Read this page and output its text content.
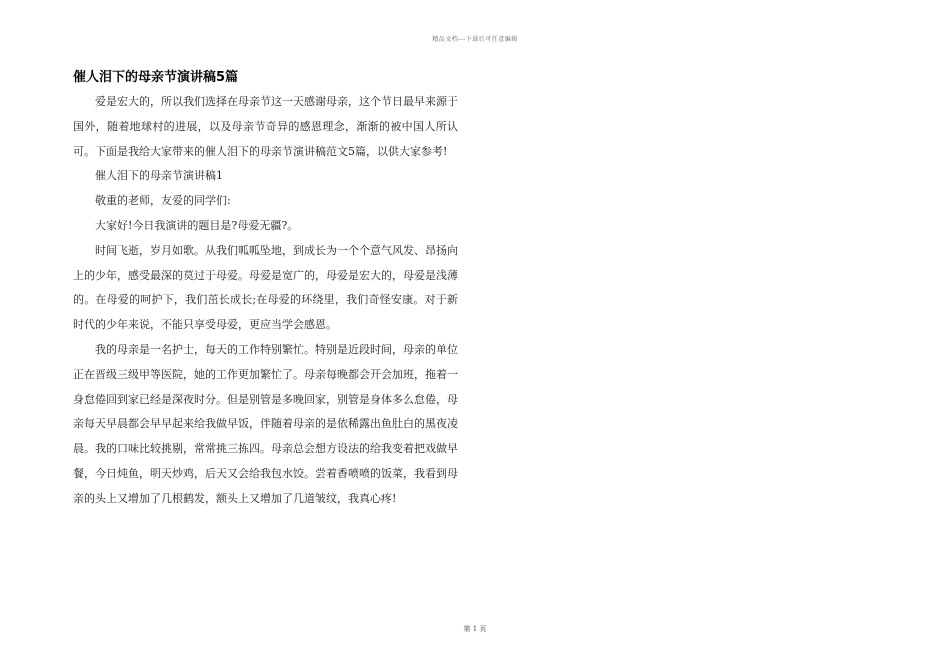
精品文档---下载后可任意编辑
催人泪下的母亲节演讲稿5篇

爱是宏大的，所以我们选择在母亲节这一天感谢母亲，这个节日最早来源于国外，随着地球村的进展，以及母亲节奇异的感恩理念，渐渐的被中国人所认可。下面是我给大家带来的催人泪下的母亲节演讲稿范文5篇，以供大家参考!

催人泪下的母亲节演讲稿1

敬重的老师，友爱的同学们:

大家好!今日我演讲的题目是?母爱无疆?。

时间飞逝，岁月如歌。从我们呱呱坠地，到成长为一个个意气风发、昂扬向上的少年，感受最深的莫过于母爱。母爱是宽广的，母爱是宏大的，母爱是浅薄的。在母爱的呵护下，我们茁长成长;在母爱的环绕里，我们奇怪安康。对于新时代的少年来说，不能只享受母爱，更应当学会感恩。

我的母亲是一名护士，每天的工作特别繁忙。特别是近段时间，母亲的单位正在晋级三级甲等医院，她的工作更加繁忙了。母亲每晚都会开会加班，拖着一身怠倦回到家已经是深夜时分。但是别管是多晚回家，别管是身体多么怠倦，母亲每天早晨都会早早起来给我做早饭，伴随着母亲的是依稀露出鱼肚白的黑夜凌晨。我的口味比较挑剔，常常挑三拣四。母亲总会想方设法的给我变着把戏做早餐，今日炖鱼，明天炒鸡，后天又会给我包水饺。尝着香喷喷的饭菜，我看到母亲的头上又增加了几根鹤发，额头上又增加了几道皱纹，我真心疼!

第 1 页
